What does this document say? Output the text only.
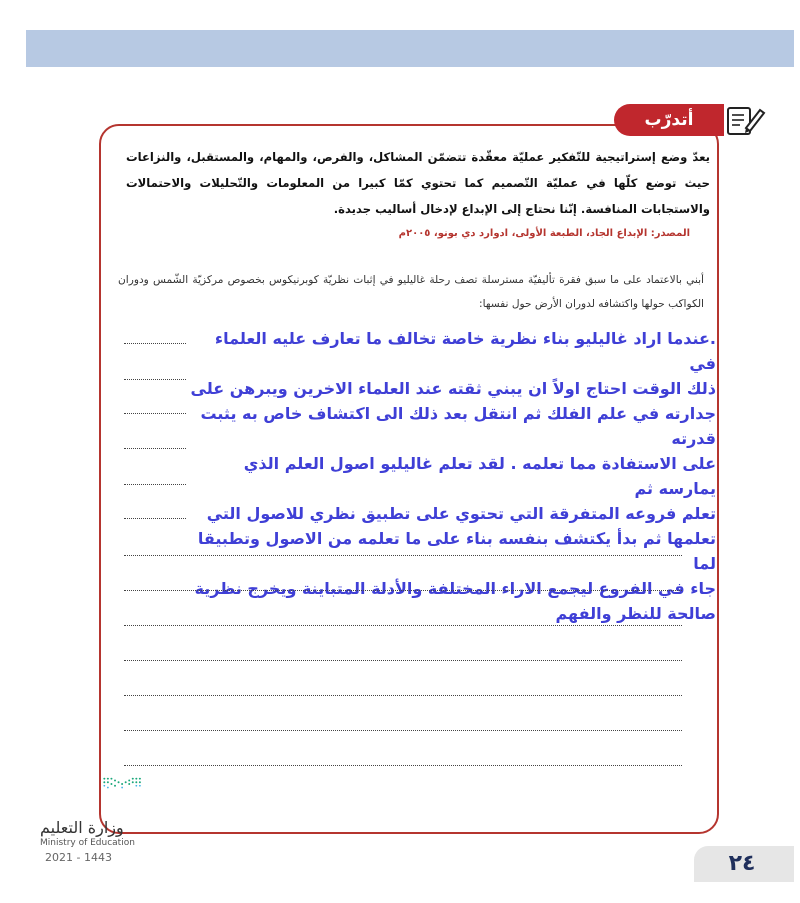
أتدرّب
يعدّ وضع إستراتيجية للتّفكير عمليّة معقّدة تتضمّن المشاكل، والفرص، والمهام، والمستقبل، والنزاعات حيث توضع كلّها في عمليّة التّصميم كما تحتوي كمّا كبيرا من المعلومات والتّحليلات والاحتمالات والاستجابات المنافسة. إنّنا نحتاج إلى الإبداع لإدخال أساليب جديدة.
المصدر: الإبداع الجاد، الطبعة الأولى، ادوارد دي بونو، ٢٠٠٥م
أبني بالاعتماد على ما سبق فقرة تأليفيّة مسترسلة تصف رحلة غاليليو في إثبات نظريّة كوبرنيكوس بخصوص مركزيّة الشّمس ودوران الكواكب حولها واكتشافه لدوران الأرض حول نفسها:
.عندما اراد غاليليو بناء نظرية خاصة تخالف ما تعارف عليه العلماء في
ذلك الوقت احتاج اولاً ان يبني ثقته عند العلماء الاخرين ويبرهن على
جدارته في علم الفلك ثم انتقل بعد ذلك الى اكتشاف خاص به يثبت قدرته
على الاستفادة مما تعلمه . لقد تعلم غاليليو اصول العلم الذي يمارسه ثم
تعلم فروعه المتفرقة التي تحتوي على تطبيق نظري للاصول التي
تعلمها ثم بدأ يكتشف بنفسه بناء على ما تعلمه من الاصول وتطبيقا لما
جاء في الفروع ليجمع الاراء المختلفة والأدلة المتباينة ويخرج نظرية
صالحة للنظر والفهم
وزارة التعليم
Ministry of Education
2021 - 1443	٢٤
